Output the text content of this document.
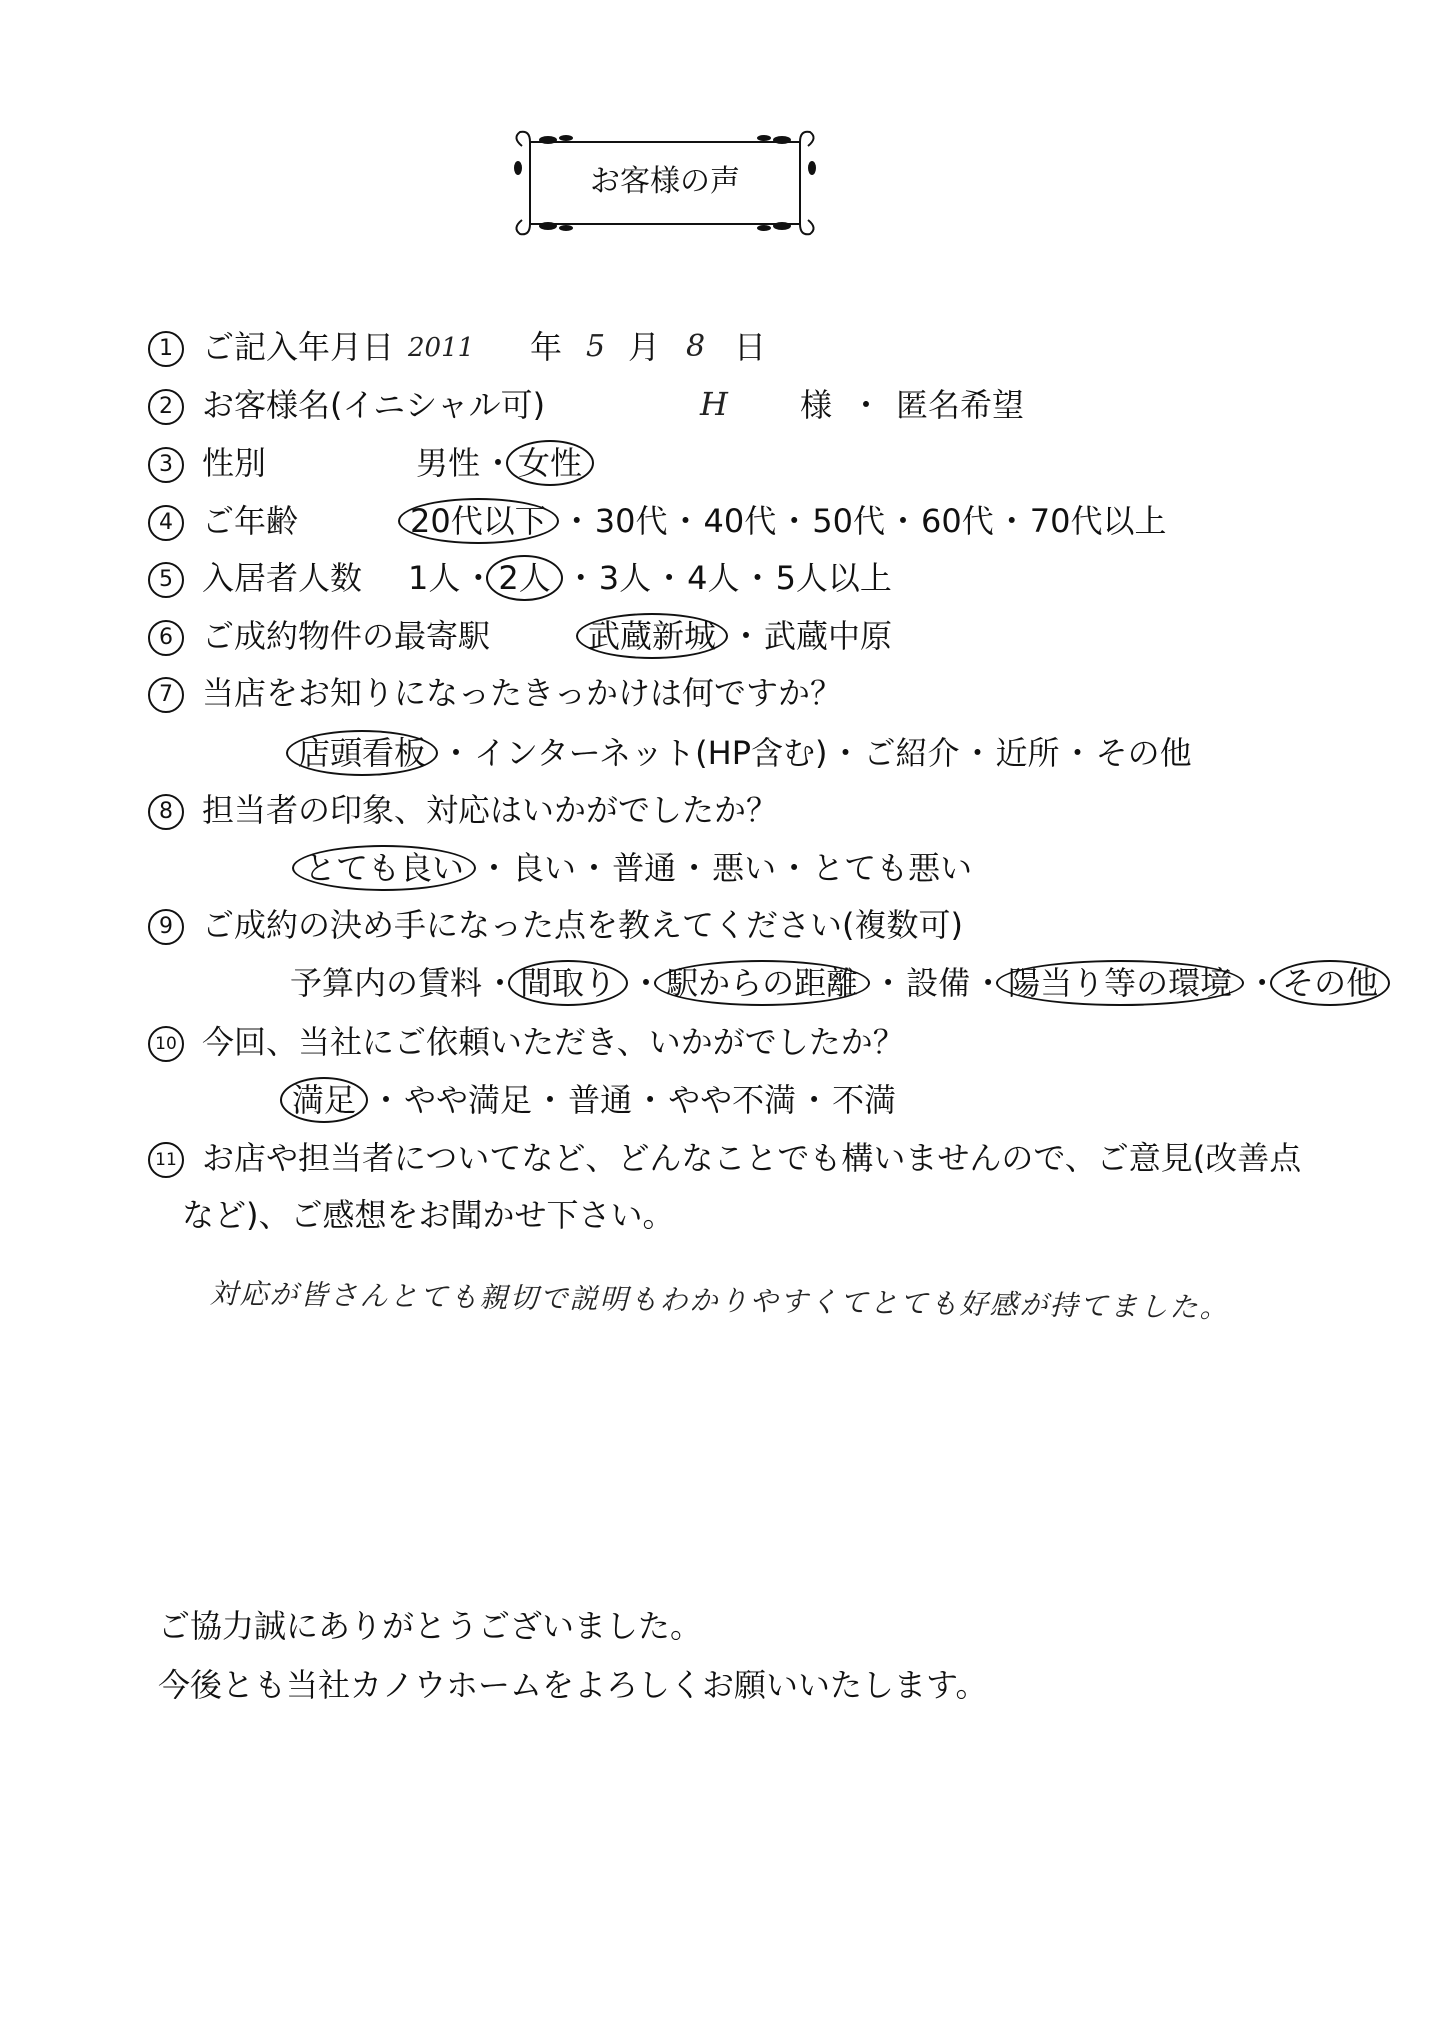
お客様の声
1 ご記入年月日 2011 年 5 月 8 日
2 お客様名(イニシャル可)	H 様 ・ 匿名希望
3 性別	男性・ 女性
4 ご年齢	20代以下 ・30代・40代・50代・60代・70代以上
5 入居者人数 1人・ 2人 ・3人・4人・5人以上
6 ご成約物件の最寄駅	武蔵新城 ・武蔵中原
7 当店をお知りになったきっかけは何ですか？
店頭看板 ・インターネット(HP含む)・ご紹介・近所・その他
8 担当者の印象、対応はいかがでしたか？
とても良い ・良い・普通・悪い・とても悪い
9 ご成約の決め手になった点を教えてください(複数可)
予算内の賃料・ 間取り ・ 駅からの距離 ・設備・ 陽当り等の環境 ・ その他
10 今回、当社にご依頼いただき、いかがでしたか？
満足 ・やや満足・普通・やや不満・不満
11 お店や担当者についてなど、どんなことでも構いませんので、ご意見(改善点
など)、ご感想をお聞かせ下さい。
対応が皆さんとても親切で説明もわかりやすくてとても好感が持てました。
ご協力誠にありがとうございました。
今後とも当社カノウホームをよろしくお願いいたします。
